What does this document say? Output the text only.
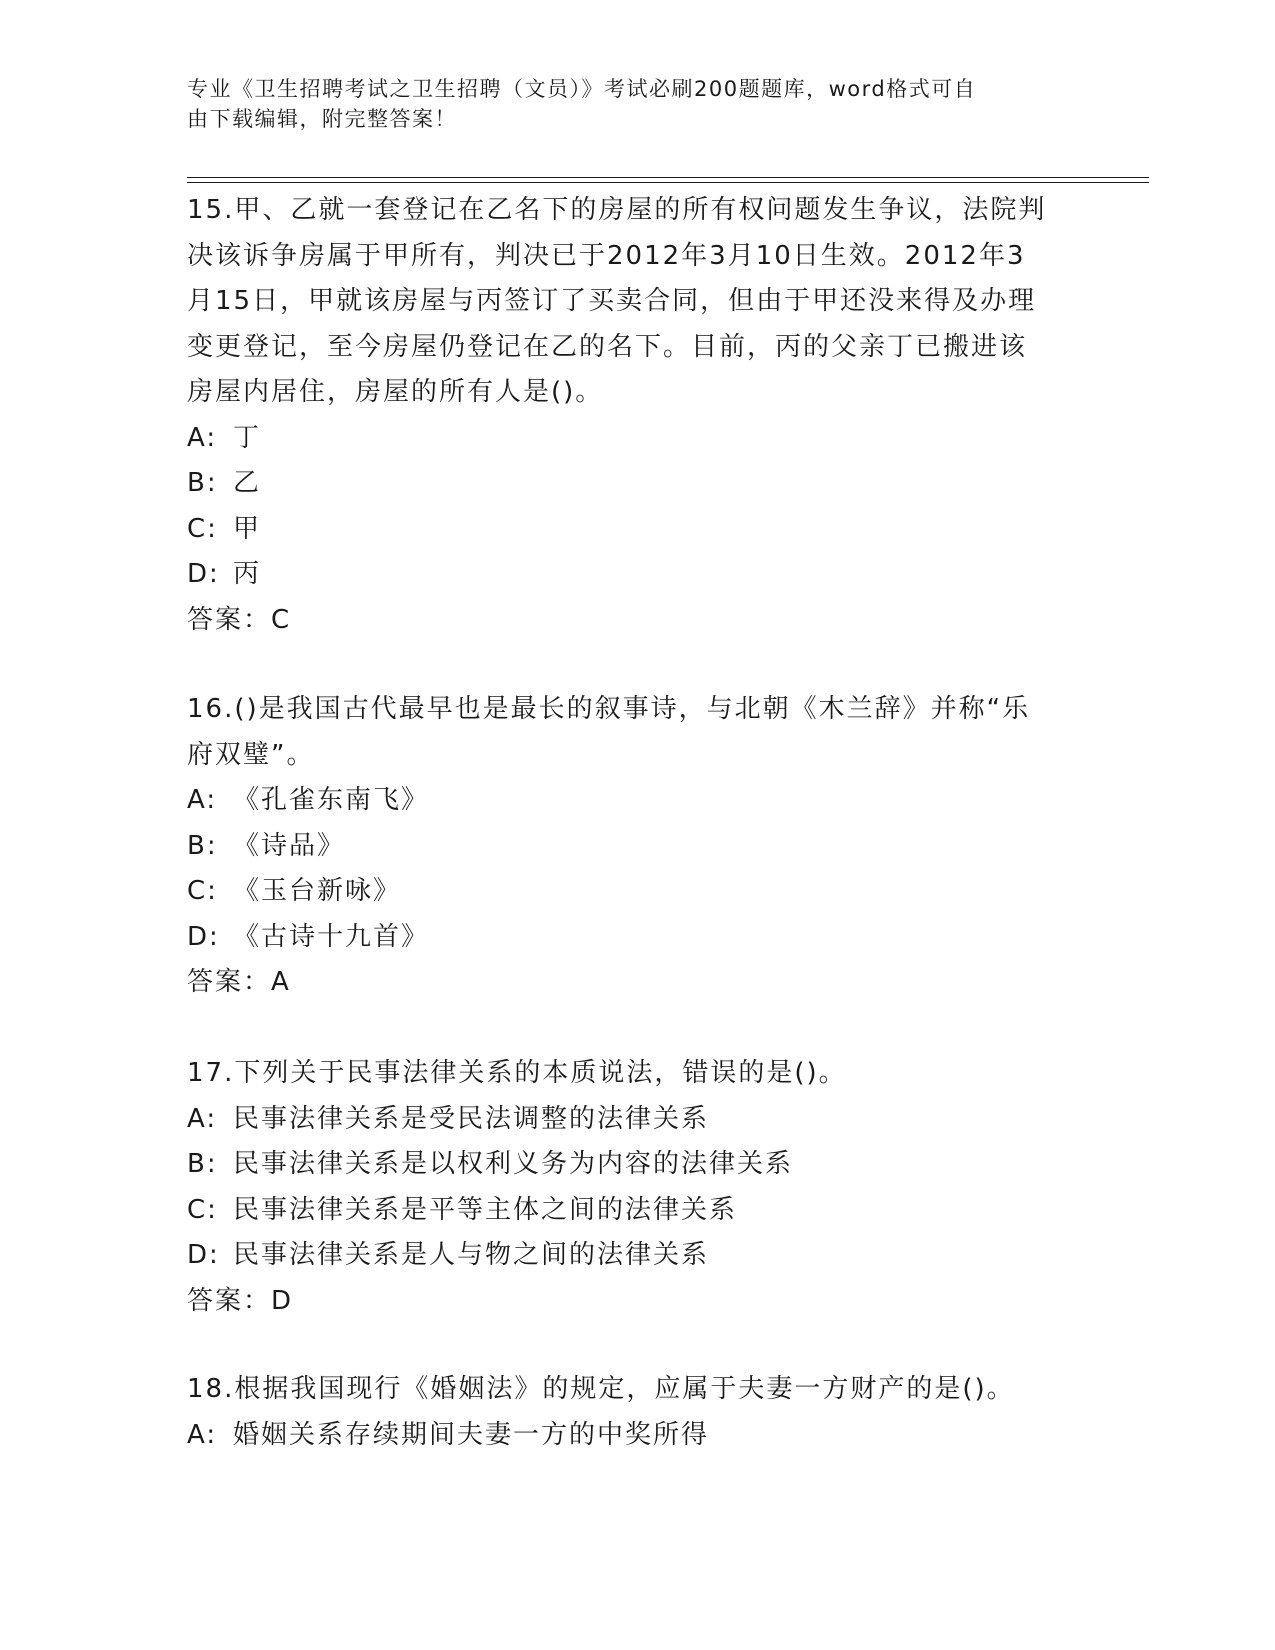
专业《卫生招聘考试之卫生招聘（文员）》考试必刷200题题库，word格式可自
由下载编辑，附完整答案！

15.甲、乙就一套登记在乙名下的房屋的所有权问题发生争议，法院判

决该诉争房属于甲所有，判决已于2012年3月10日生效。2012年3

月15日，甲就该房屋与丙签订了买卖合同，但由于甲还没来得及办理

变更登记，至今房屋仍登记在乙的名下。目前，丙的父亲丁已搬进该

房屋内居住，房屋的所有人是()。

A: 丁

B: 乙

C: 甲

D: 丙

答案：C

16.()是我国古代最早也是最长的叙事诗，与北朝《木兰辞》并称“乐

府双璧”。

A: 《孔雀东南飞》

B: 《诗品》

C: 《玉台新咏》

D: 《古诗十九首》

答案：A

17.下列关于民事法律关系的本质说法，错误的是()。

A: 民事法律关系是受民法调整的法律关系

B: 民事法律关系是以权利义务为内容的法律关系

C: 民事法律关系是平等主体之间的法律关系

D: 民事法律关系是人与物之间的法律关系

答案：D

18.根据我国现行《婚姻法》的规定，应属于夫妻一方财产的是()。

A: 婚姻关系存续期间夫妻一方的中奖所得
